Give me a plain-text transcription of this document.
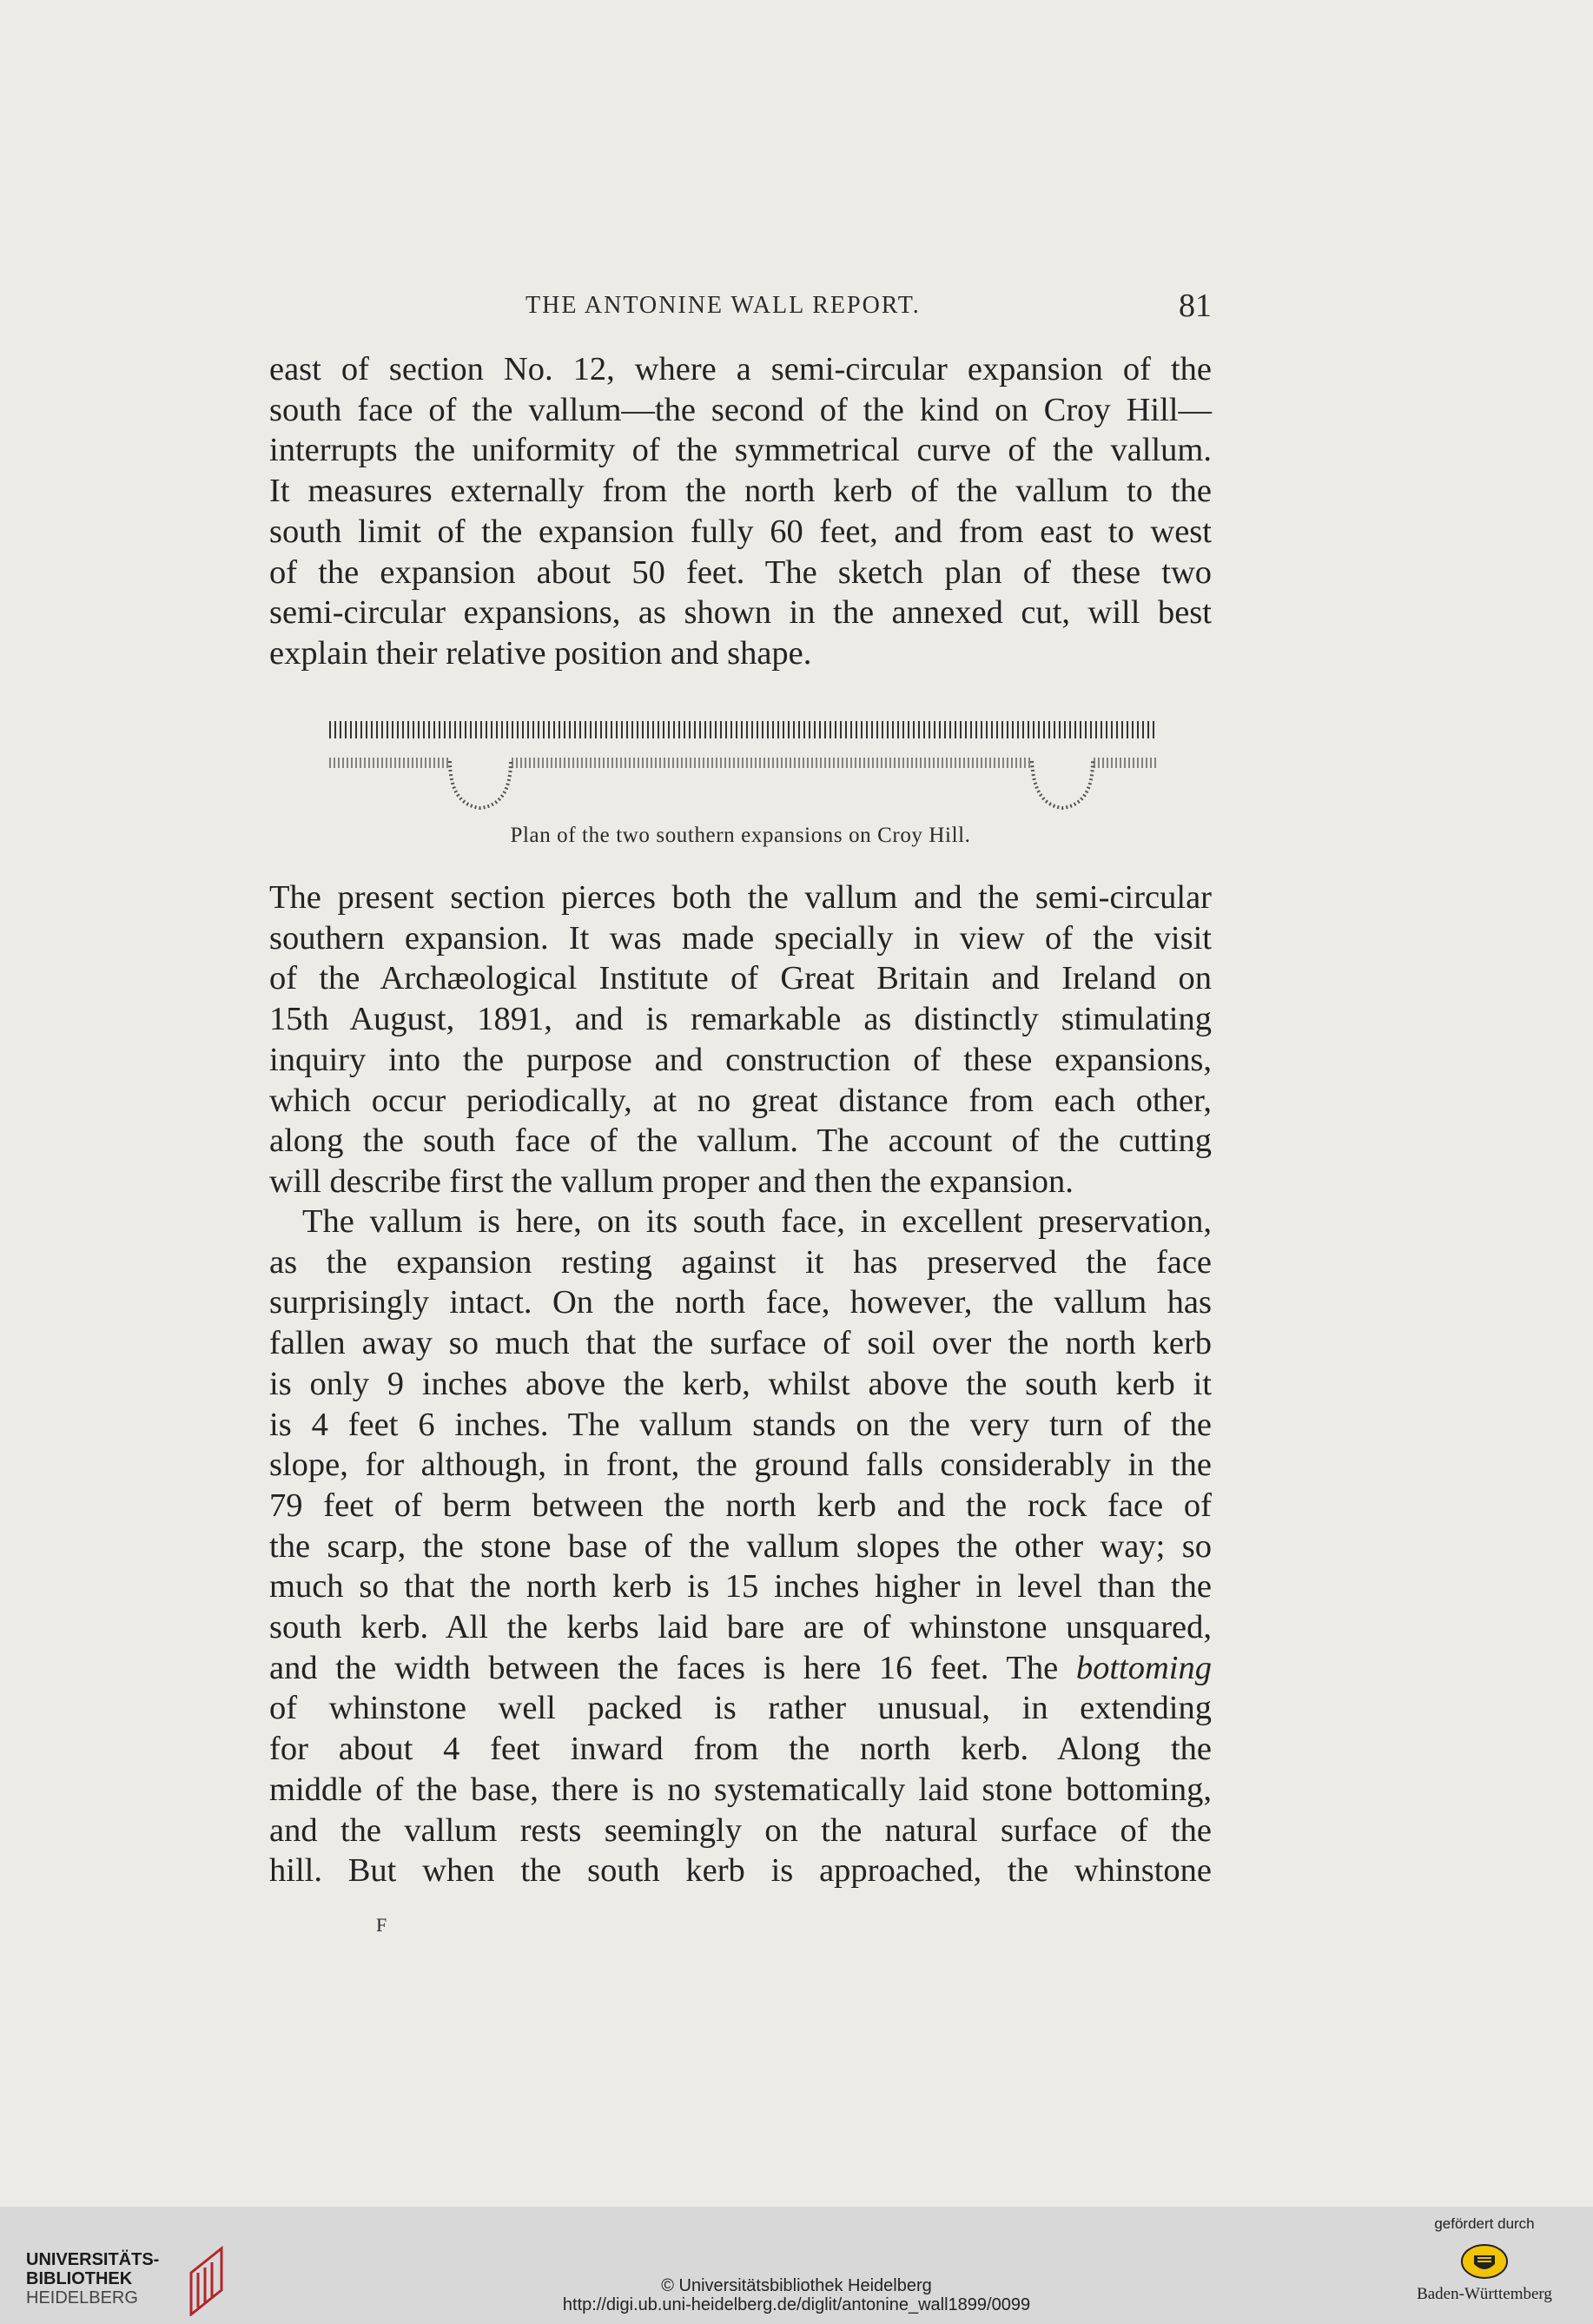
THE ANTONINE WALL REPORT.	81

east of section No. 12, where a semi-circular expansion of the
south face of the vallum—the second of the kind on Croy Hill—
interrupts the uniformity of the symmetrical curve of the vallum.
It measures externally from the north kerb of the vallum to the
south limit of the expansion fully 60 feet, and from east to west
of the expansion about 50 feet. The sketch plan of these two
semi-circular expansions, as shown in the annexed cut, will best
explain their relative position and shape.

Plan of the two southern expansions on Croy Hill.

The present section pierces both the vallum and the semi-circular
southern expansion. It was made specially in view of the visit
of the Archæological Institute of Great Britain and Ireland on
15th August, 1891, and is remarkable as distinctly stimulating
inquiry into the purpose and construction of these expansions,
which occur periodically, at no great distance from each other,
along the south face of the vallum. The account of the cutting
will describe first the vallum proper and then the expansion.

The vallum is here, on its south face, in excellent preservation,
as the expansion resting against it has preserved the face
surprisingly intact. On the north face, however, the vallum has
fallen away so much that the surface of soil over the north kerb
is only 9 inches above the kerb, whilst above the south kerb it
is 4 feet 6 inches. The vallum stands on the very turn of the
slope, for although, in front, the ground falls considerably in the
79 feet of berm between the north kerb and the rock face of
the scarp, the stone base of the vallum slopes the other way; so
much so that the north kerb is 15 inches higher in level than the
south kerb. All the kerbs laid bare are of whinstone unsquared,
and the width between the faces is here 16 feet. The bottoming
of whinstone well packed is rather unusual, in extending
for about 4 feet inward from the north kerb. Along the
middle of the base, there is no systematically laid stone bottoming,
and the vallum rests seemingly on the natural surface of the
hill. But when the south kerb is approached, the whinstone

F

UNIVERSITÄTS-
BIBLIOTHEK
HEIDELBERG

© Universitätsbibliothek Heidelberg
http://digi.ub.uni-heidelberg.de/diglit/antonine_wall1899/0099
gefördert durch
Baden-Württemberg
